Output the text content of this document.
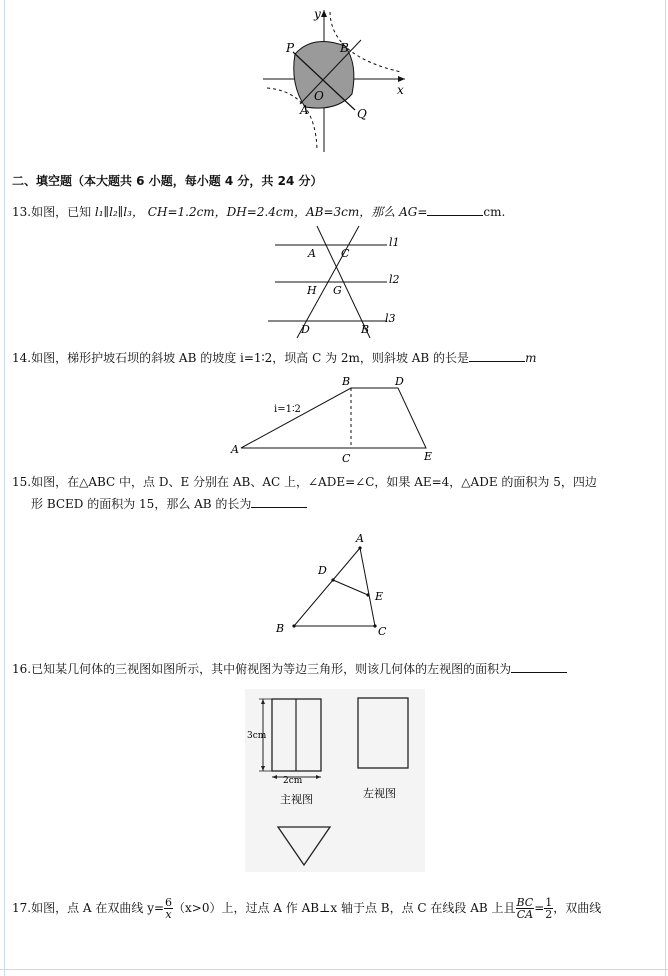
y
x
P	B
O
A	Q
二、填空题（本大题共 6 小题，每小题 4 分，共 24 分）
13.如图，已知 l₁∥l₂∥l₃， CH=1.2cm，DH=2.4cm，AB=3cm，那么 AG=	cm.
A C
H G
D	B
l1
l2
l3
14.如图，梯形护坡石坝的斜坡 AB 的坡度 i=1∶2，坝高 C 为 2m，则斜坡 AB 的长是	m
B	D
i=1∶2
A
C	E
15.如图，在△ABC 中，点 D、E 分别在 AB、AC 上，∠ADE=∠C，如果 AE=4，△ADE 的面积为 5，四边
形 BCED 的面积为 15，那么 AB 的长为
A
D
E
B	C
16.已知某几何体的三视图如图所示，其中俯视图为等边三角形，则该几何体的左视图的面积为
3cm
2cm
主视图	左视图
17.如图，点 A 在双曲线 $y= \frac{6}{x} (x>0)$上，过点 A 作 AB⊥x 轴于点 B，点 C 在线段 AB 上且 $\frac{BC}{CA} = \frac{1}{2}$ ，双曲线
